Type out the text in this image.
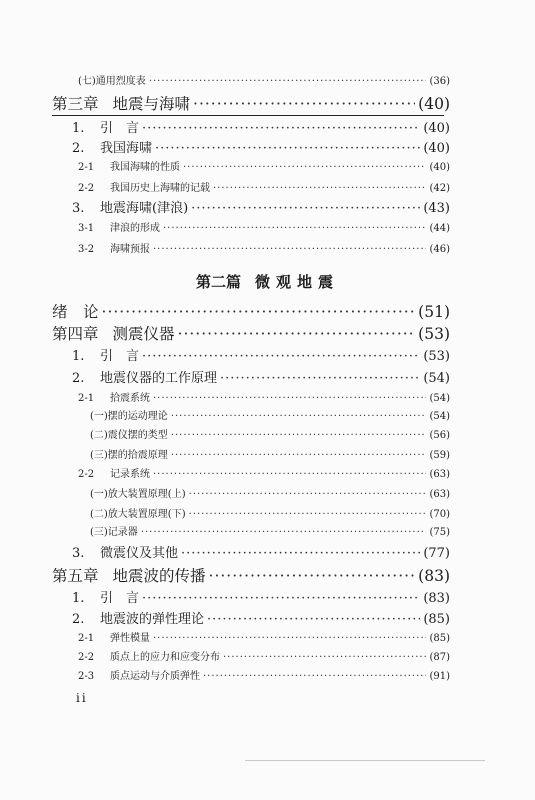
(七)通用烈度表 ·····	(36)
第三章 地震与海啸 ·····	(40)
1.	引　言 ·····	(40)
2.	我国海啸 ·····	(40)
2-1	我国海啸的性质 ·····	(40)
2-2	我国历史上海啸的记载 ·····	(42)
3.	地震海啸(津浪) ·····	(43)
3-1	津浪的形成 ·····	(44)
3-2	海啸预报 ·····	(46)
第二篇 微观地震
绪　论 ·····	(51)
第四章 测震仪器 ·····	(53)
1.	引　言 ·····	(53)
2.	地震仪器的工作原理 ·····	(54)
2-1	拾震系统 ·····	(54)
(一)摆的运动理论 ·····	(54)
(二)震仪摆的类型 ·····	(56)
(三)摆的拾震原理 ·····	(59)
2-2	记录系统 ·····	(63)
(一)放大装置原理(上) ·····	(63)
(二)放大装置原理(下) ·····	(70)
(三)记录器 ·····	(75)
3.	微震仪及其他 ·····	(77)
第五章 地震波的传播 ·····	(83)
1.	引　言 ·····	(83)
2.	地震波的弹性理论 ·····	(85)
2-1	弹性模量 ·····	(85)
2-2	质点上的应力和应变分布 ·····	(87)
2-3	质点运动与介质弹性 ·····	(91)
ii
